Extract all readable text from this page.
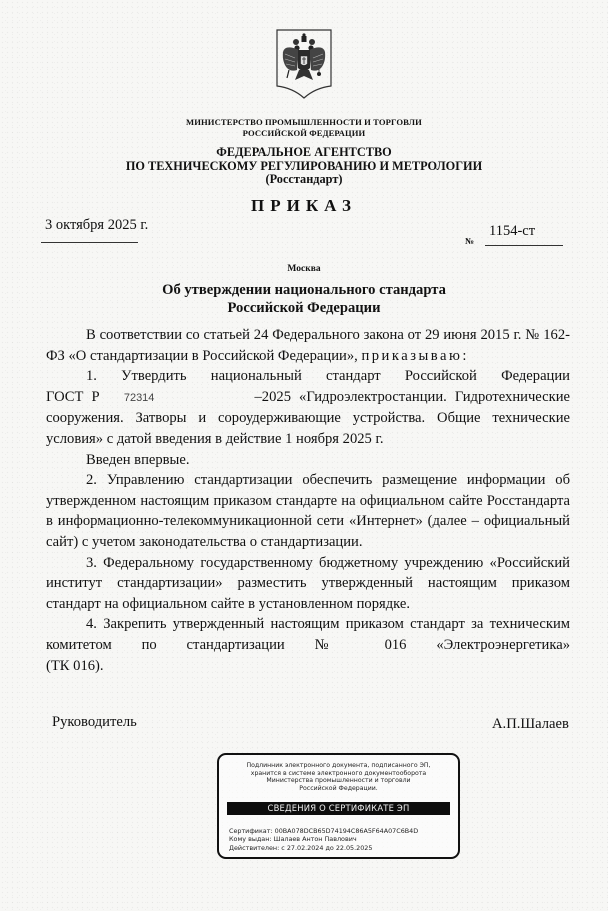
МИНИСТЕРСТВО ПРОМЫШЛЕННОСТИ И ТОРГОВЛИ
РОССИЙСКОЙ ФЕДЕРАЦИИ
ФЕДЕРАЛЬНОЕ АГЕНТСТВО
ПО ТЕХНИЧЕСКОМУ РЕГУЛИРОВАНИЮ И МЕТРОЛОГИИ
(Росстандарт)
ПРИКАЗ
3 октября 2025 г.
№
1154-ст
Москва
Об утверждении национального стандарта
Российской Федерации

В соответствии со статьей 24 Федерального закона от 29 июня 2015 г. № 162-ФЗ «О стандартизации в Российской Федерации», приказываю:

1. Утвердить национальный стандарт Российской Федерации

ГОСТ Р 72314	–2025 «Гидроэлектростанции. Гидротехнические сооружения. Затворы и сороудерживающие устройства. Общие технические условия» с датой введения в действие 1 ноября 2025 г.

Введен впервые.

2. Управлению стандартизации обеспечить размещение информации об утвержденном настоящим приказом стандарте на официальном сайте Росстандарта в информационно-телекоммуникационной сети «Интернет» (далее – официальный сайт) с учетом законодательства о стандартизации.

3. Федеральному государственному бюджетному учреждению «Российский институт стандартизации» разместить утвержденный настоящим приказом стандарт на официальном сайте в установленном порядке.

4. Закрепить утвержденный настоящим приказом стандарт за техническим комитетом по стандартизации № 016 «Электроэнергетика»

(ТК 016).

Руководитель	А.П.Шалаев
Подлинник электронного документа, подписанного ЭП,
хранится в системе электронного документооборота
Министерства промышленности и торговли
Российской Федерации.
СВЕДЕНИЯ О СЕРТИФИКАТЕ ЭП
Сертификат: 00BA078DCB65D74194C86A5F64A07C6B4D
Кому выдан: Шалаев Антон Павлович
Действителен: с 27.02.2024 до 22.05.2025
